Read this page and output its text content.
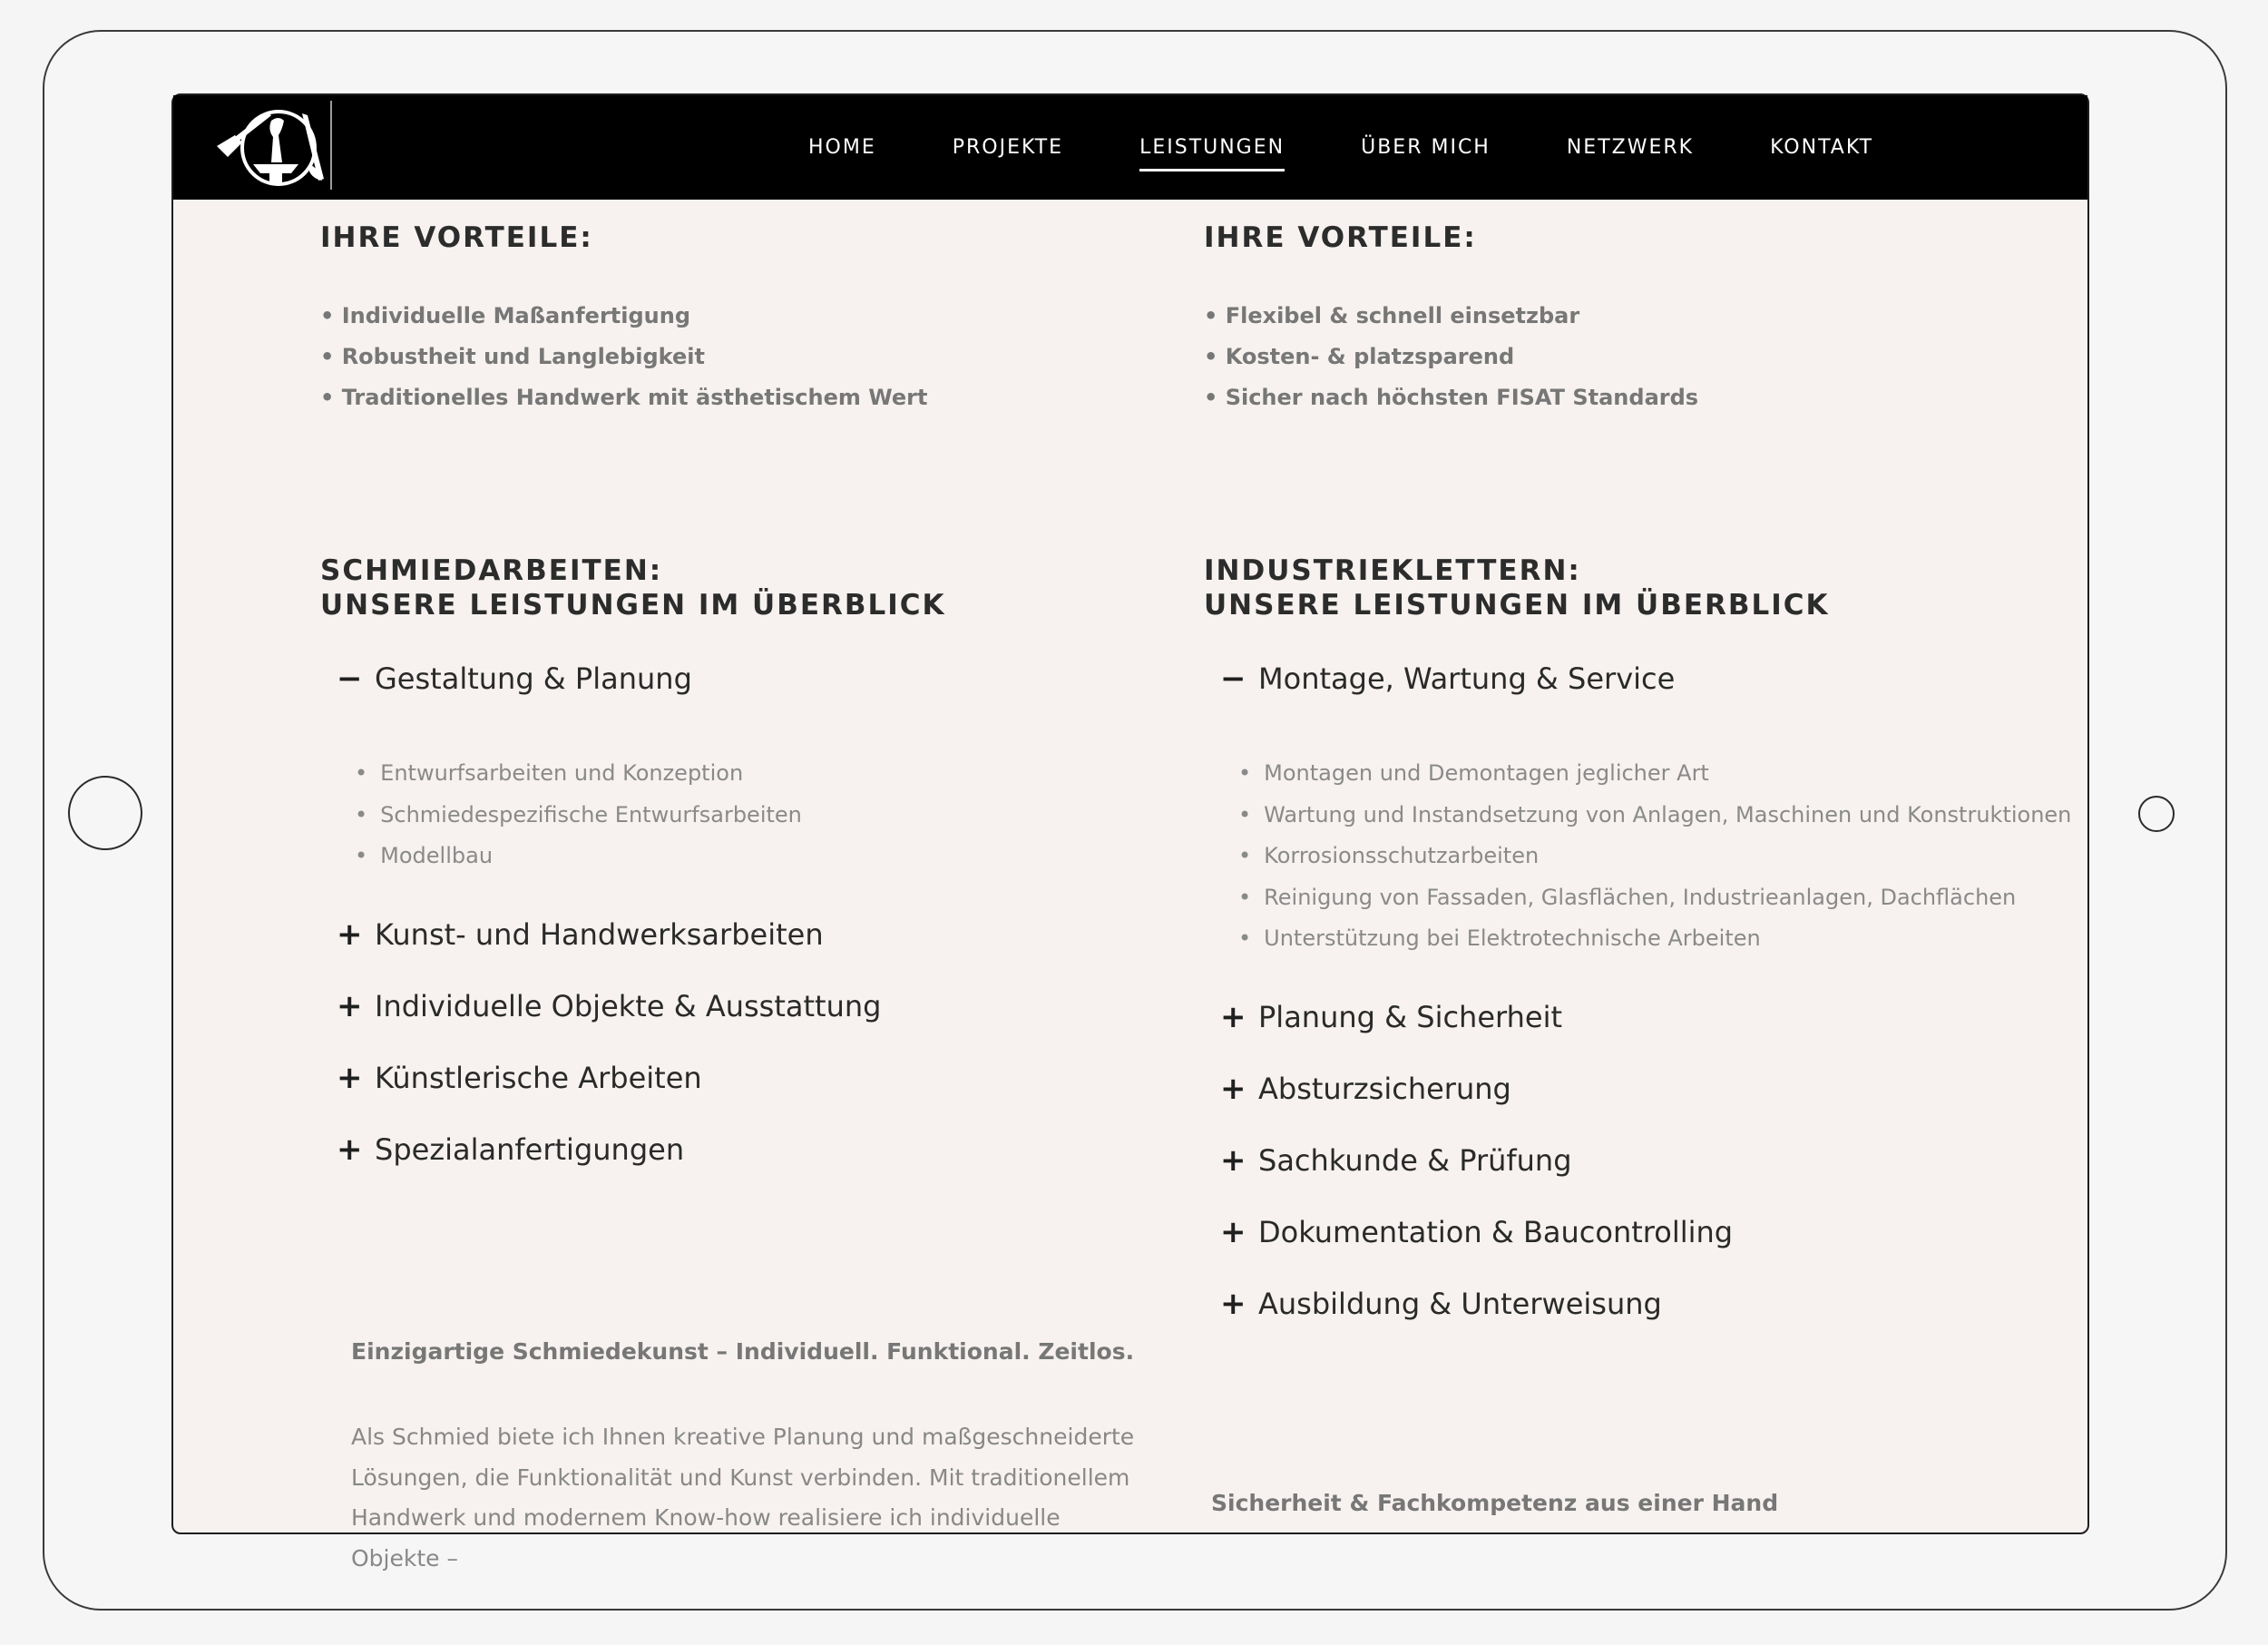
HOME	PROJEKTE	LEISTUNGEN	ÜBER MICH	NETZWERK	KONTAKT
IHRE VORTEILE:
• Individuelle Maßanfertigung
• Robustheit und Langlebigkeit
• Traditionelles Handwerk mit ästhetischem Wert
SCHMIEDARBEITEN:
UNSERE LEISTUNGEN IM ÜBERBLICK
− Gestaltung & Planung
• Entwurfsarbeiten und Konzeption
• Schmiedespezifische Entwurfsarbeiten
• Modellbau
+ Kunst- und Handwerksarbeiten
+ Individuelle Objekte & Ausstattung
+ Künstlerische Arbeiten
+ Spezialanfertigungen
Einzigartige Schmiedekunst – Individuell. Funktional. Zeitlos.

Als Schmied biete ich Ihnen kreative Planung und maßgeschneiderte
Lösungen, die Funktionalität und Kunst verbinden. Mit traditionellem
Handwerk und modernem Know-how realisiere ich individuelle Objekte –

IHRE VORTEILE:
• Flexibel & schnell einsetzbar
• Kosten- & platzsparend
• Sicher nach höchsten FISAT Standards
INDUSTRIEKLETTERN:
UNSERE LEISTUNGEN IM ÜBERBLICK
− Montage, Wartung & Service
• Montagen und Demontagen jeglicher Art
• Wartung und Instandsetzung von Anlagen, Maschinen und Konstruktionen
• Korrosionsschutzarbeiten
• Reinigung von Fassaden, Glasflächen, Industrieanlagen, Dachflächen
• Unterstützung bei Elektrotechnische Arbeiten
+ Planung & Sicherheit
+ Absturzsicherung
+ Sachkunde & Prüfung
+ Dokumentation & Baucontrolling
+ Ausbildung & Unterweisung
Sicherheit & Fachkompetenz aus einer Hand
